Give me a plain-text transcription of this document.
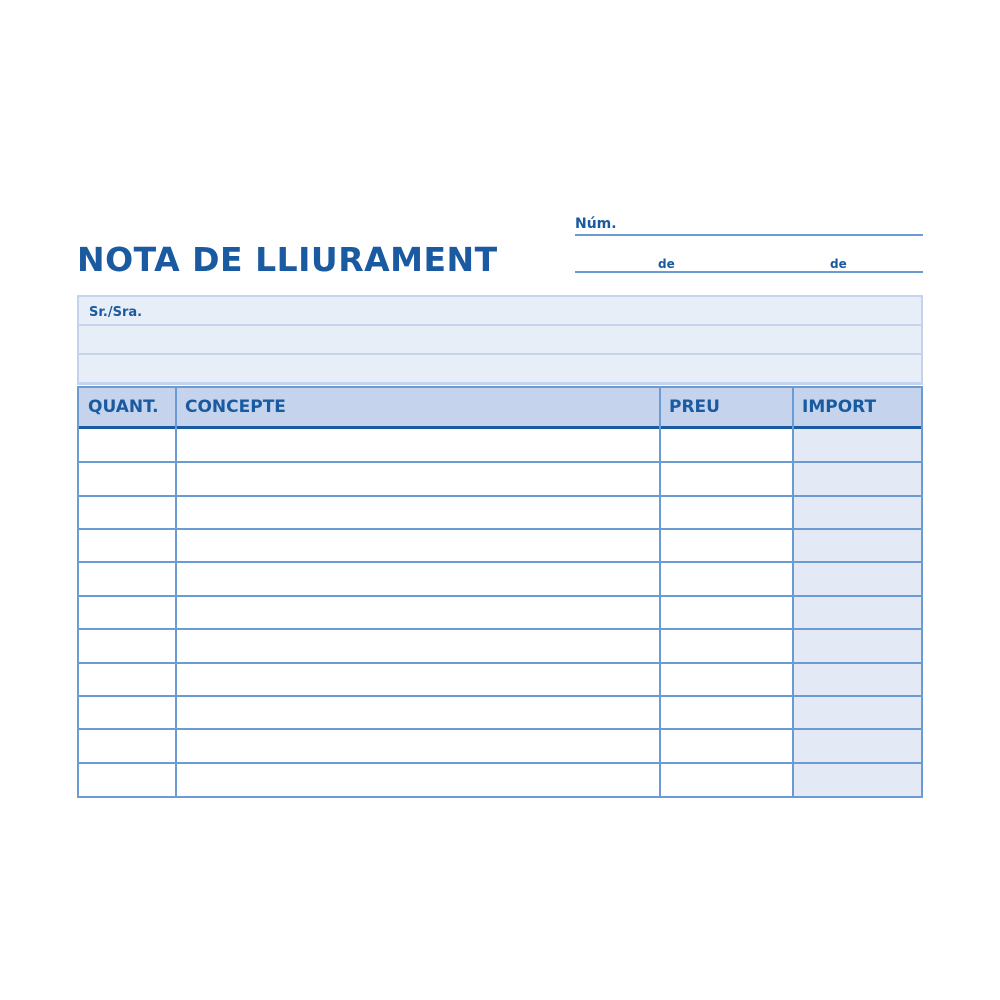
NOTA DE LLIURAMENT
Núm.
de	de
Sr./Sra.
QUANT.	CONCEPTE	PREU	IMPORT
